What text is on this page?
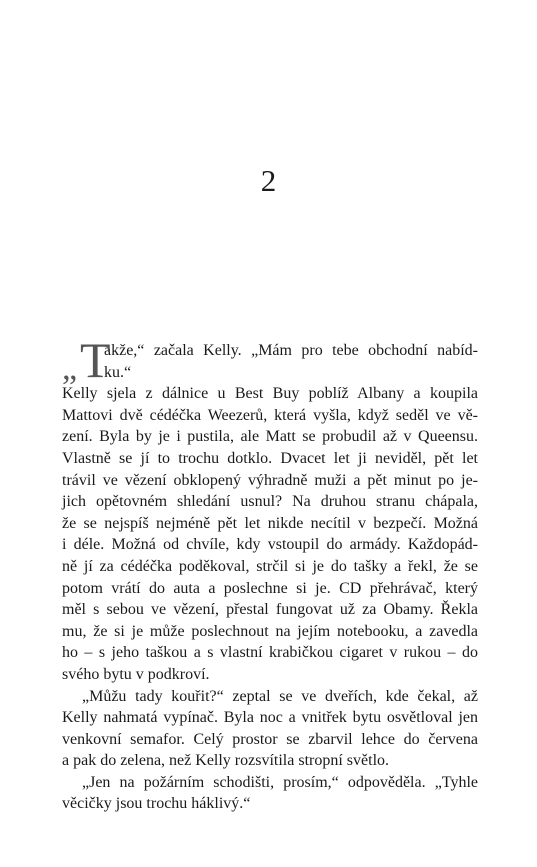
2
„ T
akže,“ začala Kelly. „Mám pro tebe obchodní nabíd-
ku.“
Kelly sjela z dálnice u Best Buy poblíž Albany a koupila
Mattovi dvě cédéčka Weezerů, která vyšla, když seděl ve vě-
zení. Byla by je i pustila, ale Matt se probudil až v Queensu.
Vlastně se jí to trochu dotklo. Dvacet let ji neviděl, pět let
trávil ve vězení obklopený výhradně muži a pět minut po je-
jich opětovném shledání usnul? Na druhou stranu chápala,
že se nejspíš nejméně pět let nikde necítil v bezpečí. Možná
i déle. Možná od chvíle, kdy vstoupil do armády. Každopád-
ně jí za cédéčka poděkoval, strčil si je do tašky a řekl, že se
potom vrátí do auta a poslechne si je. CD přehrávač, který
měl s sebou ve vězení, přestal fungovat už za Obamy. Řekla
mu, že si je může poslechnout na jejím notebooku, a zavedla
ho – s jeho taškou a s vlastní krabičkou cigaret v rukou – do
svého bytu v podkroví.
„Můžu tady kouřit?“ zeptal se ve dveřích, kde čekal, až
Kelly nahmatá vypínač. Byla noc a vnitřek bytu osvětloval jen
venkovní semafor. Celý prostor se zbarvil lehce do červena
a pak do zelena, než Kelly rozsvítila stropní světlo.
„Jen na požárním schodišti, prosím,“ odpověděla. „Tyhle
věcičky jsou trochu háklivý.“
